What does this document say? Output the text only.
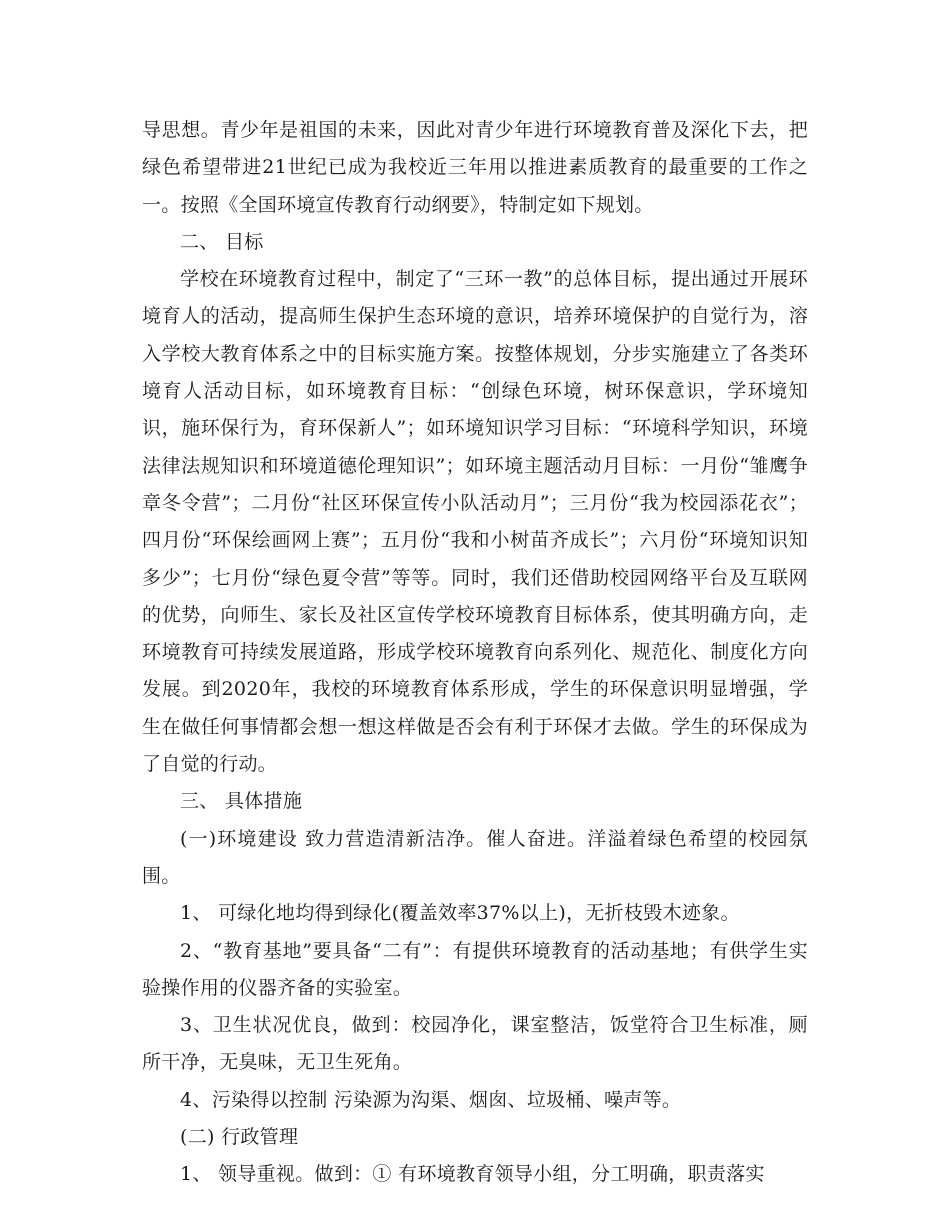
导思想。青少年是祖国的未来，因此对青少年进行环境教育普及深化下去，把绿色希望带进21世纪已成为我校近三年用以推进素质教育的最重要的工作之一。按照《全国环境宣传教育行动纲要》，特制定如下规划。

二、 目标

学校在环境教育过程中，制定了“三环一教”的总体目标，提出通过开展环境育人的活动，提高师生保护生态环境的意识，培养环境保护的自觉行为，溶入学校大教育体系之中的目标实施方案。按整体规划，分步实施建立了各类环境育人活动目标，如环境教育目标：“创绿色环境，树环保意识，学环境知识，施环保行为，育环保新人”；如环境知识学习目标：“环境科学知识，环境法律法规知识和环境道德伦理知识”；如环境主题活动月目标：一月份“雏鹰争章冬令营”；二月份“社区环保宣传小队活动月”；三月份“我为校园添花衣”；四月份“环保绘画网上赛”；五月份“我和小树苗齐成长”；六月份“环境知识知多少”；七月份“绿色夏令营”等等。同时，我们还借助校园网络平台及互联网的优势，向师生、家长及社区宣传学校环境教育目标体系，使其明确方向，走环境教育可持续发展道路，形成学校环境教育向系列化、规范化、制度化方向发展。到2020年，我校的环境教育体系形成，学生的环保意识明显增强，学生在做任何事情都会想一想这样做是否会有利于环保才去做。学生的环保成为了自觉的行动。

三、 具体措施

(一)环境建设 致力营造清新洁净。催人奋进。洋溢着绿色希望的校园氛围。

1、 可绿化地均得到绿化(覆盖效率37%以上)，无折枝毁木迹象。

2、“教育基地”要具备“二有”：有提供环境教育的活动基地；有供学生实验操作用的仪器齐备的实验室。

3、卫生状况优良，做到：校园净化，课室整洁，饭堂符合卫生标准，厕所干净，无臭味，无卫生死角。

4、污染得以控制 污染源为沟渠、烟囱、垃圾桶、噪声等。

(二) 行政管理

1、 领导重视。做到：① 有环境教育领导小组，分工明确，职责落实
